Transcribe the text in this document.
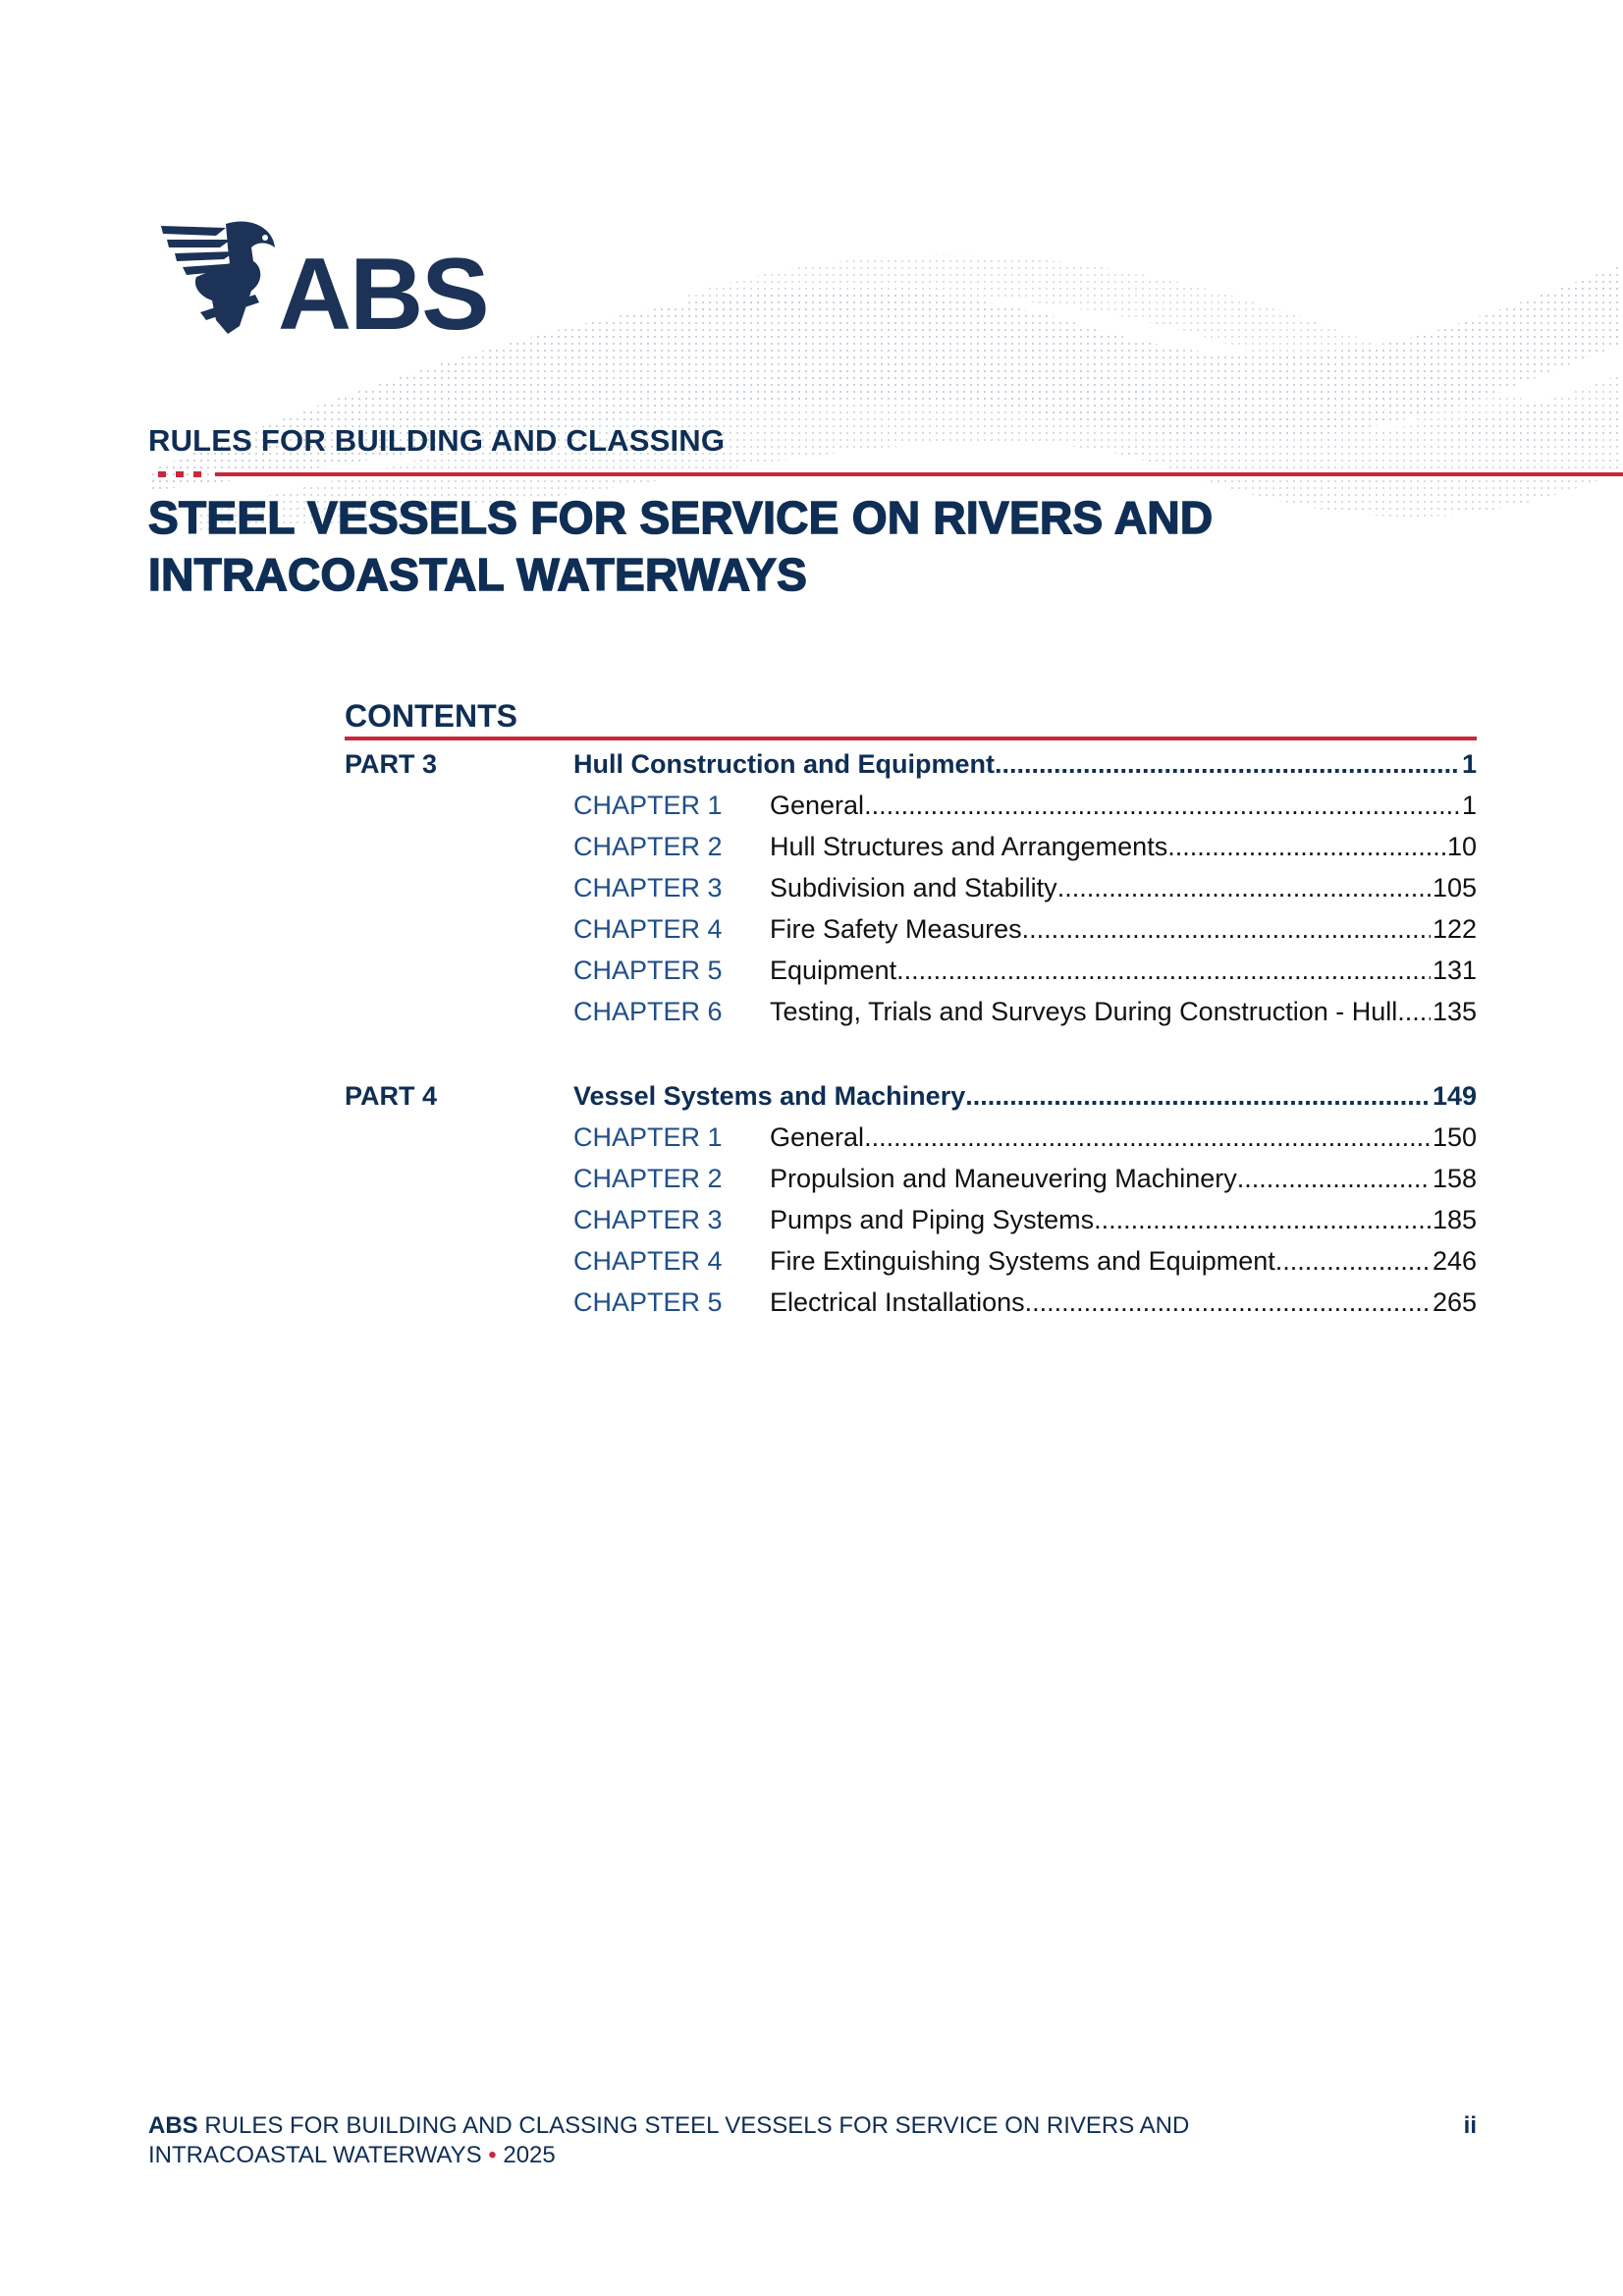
ABS
RULES FOR BUILDING AND CLASSING
STEEL VESSELS FOR SERVICE ON RIVERS AND
INTRACOASTAL WATERWAYS
CONTENTS
PART 3	Hull Construction and Equipment .....	1
CHAPTER 1 General .....	1
CHAPTER 2 Hull Structures and Arrangements .....	10
CHAPTER 3 Subdivision and Stability .....	105
CHAPTER 4 Fire Safety Measures .....	122
CHAPTER 5 Equipment .....	131
CHAPTER 6 Testing, Trials and Surveys During Construction - Hull ..... 135
PART 4	Vessel Systems and Machinery .....	149
CHAPTER 1 General .....	150
CHAPTER 2 Propulsion and Maneuvering Machinery .....	158
CHAPTER 3 Pumps and Piping Systems .....	185
CHAPTER 4 Fire Extinguishing Systems and Equipment .....	246
CHAPTER 5 Electrical Installations .....	265
ABS RULES FOR BUILDING AND CLASSING STEEL VESSELS FOR SERVICE ON RIVERS AND
INTRACOASTAL WATERWAYS • 2025
ii
